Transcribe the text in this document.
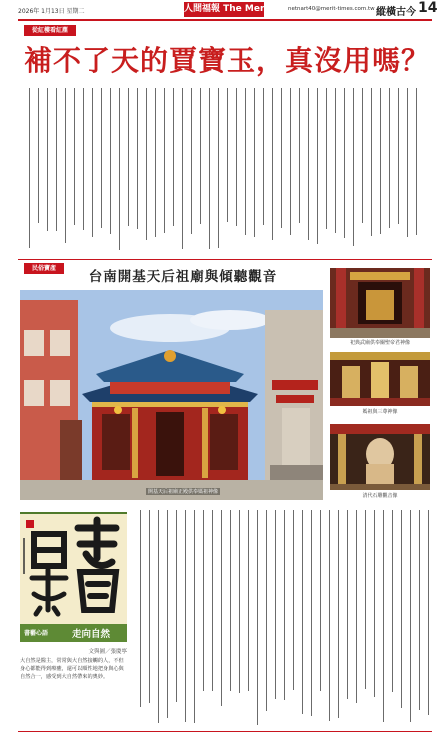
2026年 1月13日 星期二	人間福報 The Merit Times
netnart40@merit-times.com.tw 縱橫古今 14
從紅樓看紅塵
補不了天的賈寶玉，真沒用嗎？
台南開基天后祖廟與傾聽觀音
民俗寶產
開基天后祖廟正殿供奉媽祖神像
祀典武廟供奉關聖帝君神像
媽祖與三尊神像
清代石雕觀音像
書藝心語	走向自然
文與圖／張慶寧
大自然是醫主，常常與大自然接觸的人，不但身心都能得到療癒，還可以順性地把身與心與自然合一，感受到大自然帶來的奧妙。
